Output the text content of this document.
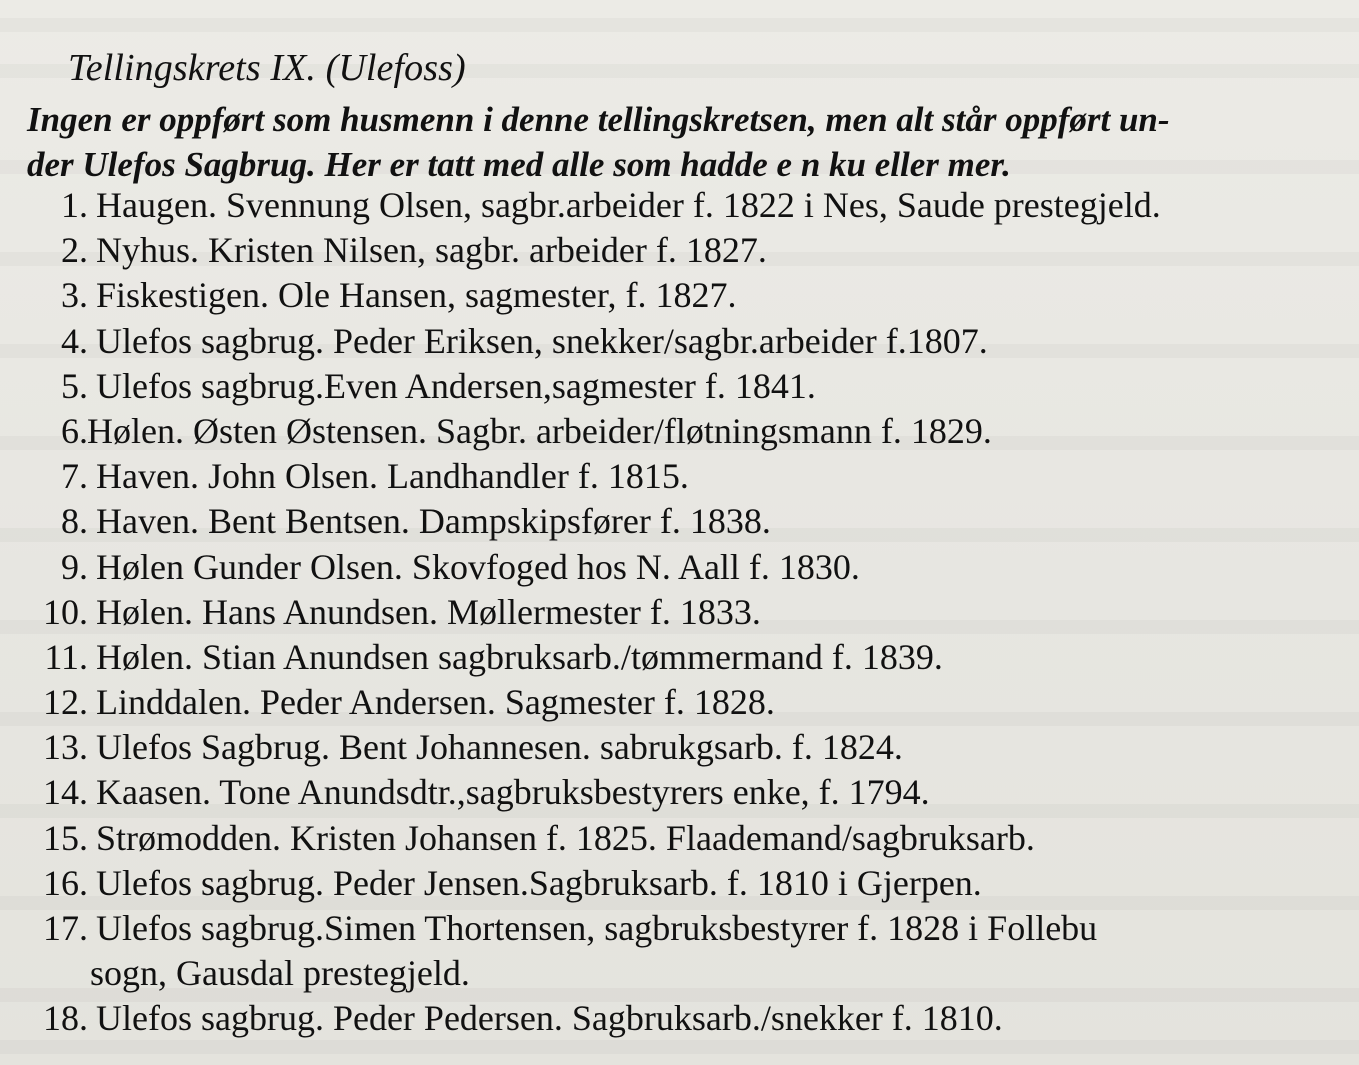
Tellingskrets IX. (Ulefoss)
Ingen er oppført som husmenn i denne tellingskretsen, men alt står oppført un-
der Ulefos Sagbrug. Her er tatt med alle som hadde e n ku eller mer.
1. Haugen. Svennung Olsen, sagbr.arbeider f. 1822 i Nes, Saude prestegjeld.
2. Nyhus. Kristen Nilsen, sagbr. arbeider f. 1827.
3. Fiskestigen. Ole Hansen, sagmester, f. 1827.
4. Ulefos sagbrug. Peder Eriksen, snekker/sagbr.arbeider f.1807.
5. Ulefos sagbrug.Even Andersen,sagmester f. 1841.
6. Hølen. Østen Østensen. Sagbr. arbeider/fløtningsmann f. 1829.
7. Haven. John Olsen. Landhandler f. 1815.
8. Haven. Bent Bentsen. Dampskipsfører f. 1838.
9. Hølen Gunder Olsen. Skovfoged hos N. Aall f. 1830.
10. Hølen. Hans Anundsen. Møllermester f. 1833.
11. Hølen. Stian Anundsen sagbruksarb./tømmermand f. 1839.
12. Linddalen. Peder Andersen. Sagmester f. 1828.
13. Ulefos Sagbrug. Bent Johannesen. sabrukgsarb. f. 1824.
14. Kaasen. Tone Anundsdtr.,sagbruksbestyrers enke, f. 1794.
15. Strømodden. Kristen Johansen f. 1825. Flaademand/sagbruksarb.
16. Ulefos sagbrug. Peder Jensen.Sagbruksarb. f. 1810 i Gjerpen.
17. Ulefos sagbrug.Simen Thortensen, sagbruksbestyrer f. 1828 i Follebu
sogn, Gausdal prestegjeld.
18. Ulefos sagbrug. Peder Pedersen. Sagbruksarb./snekker f. 1810.
